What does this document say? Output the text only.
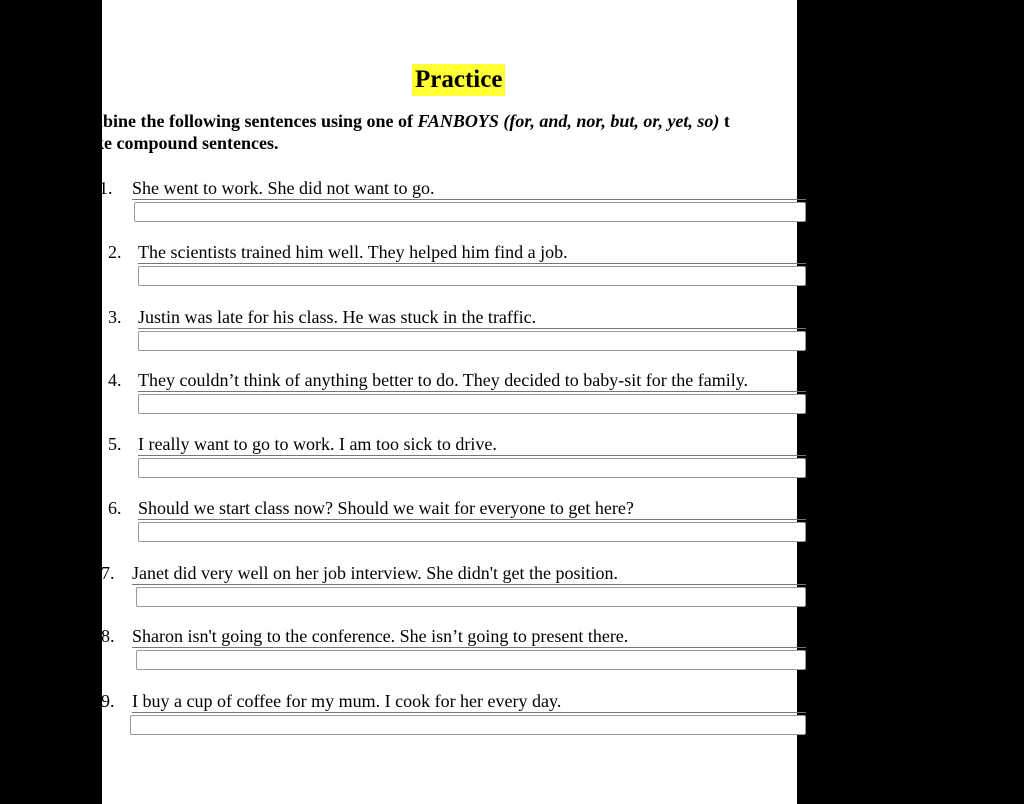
Practice
mbine the following sentences using one of FANBOYS (for, and, nor, but, or, yet, so) t
ke compound sentences.
1. She went to work. She did not want to go.
2. The scientists trained him well. They helped him find a job.
3. Justin was late for his class. He was stuck in the traffic.
4. They couldn’t think of anything better to do. They decided to baby-sit for the family.
5. I really want to go to work. I am too sick to drive.
6. Should we start class now? Should we wait for everyone to get here?
7. Janet did very well on her job interview. She didn't get the position.
8. Sharon isn't going to the conference. She isn’t going to present there.
9. I buy a cup of coffee for my mum. I cook for her every day.
